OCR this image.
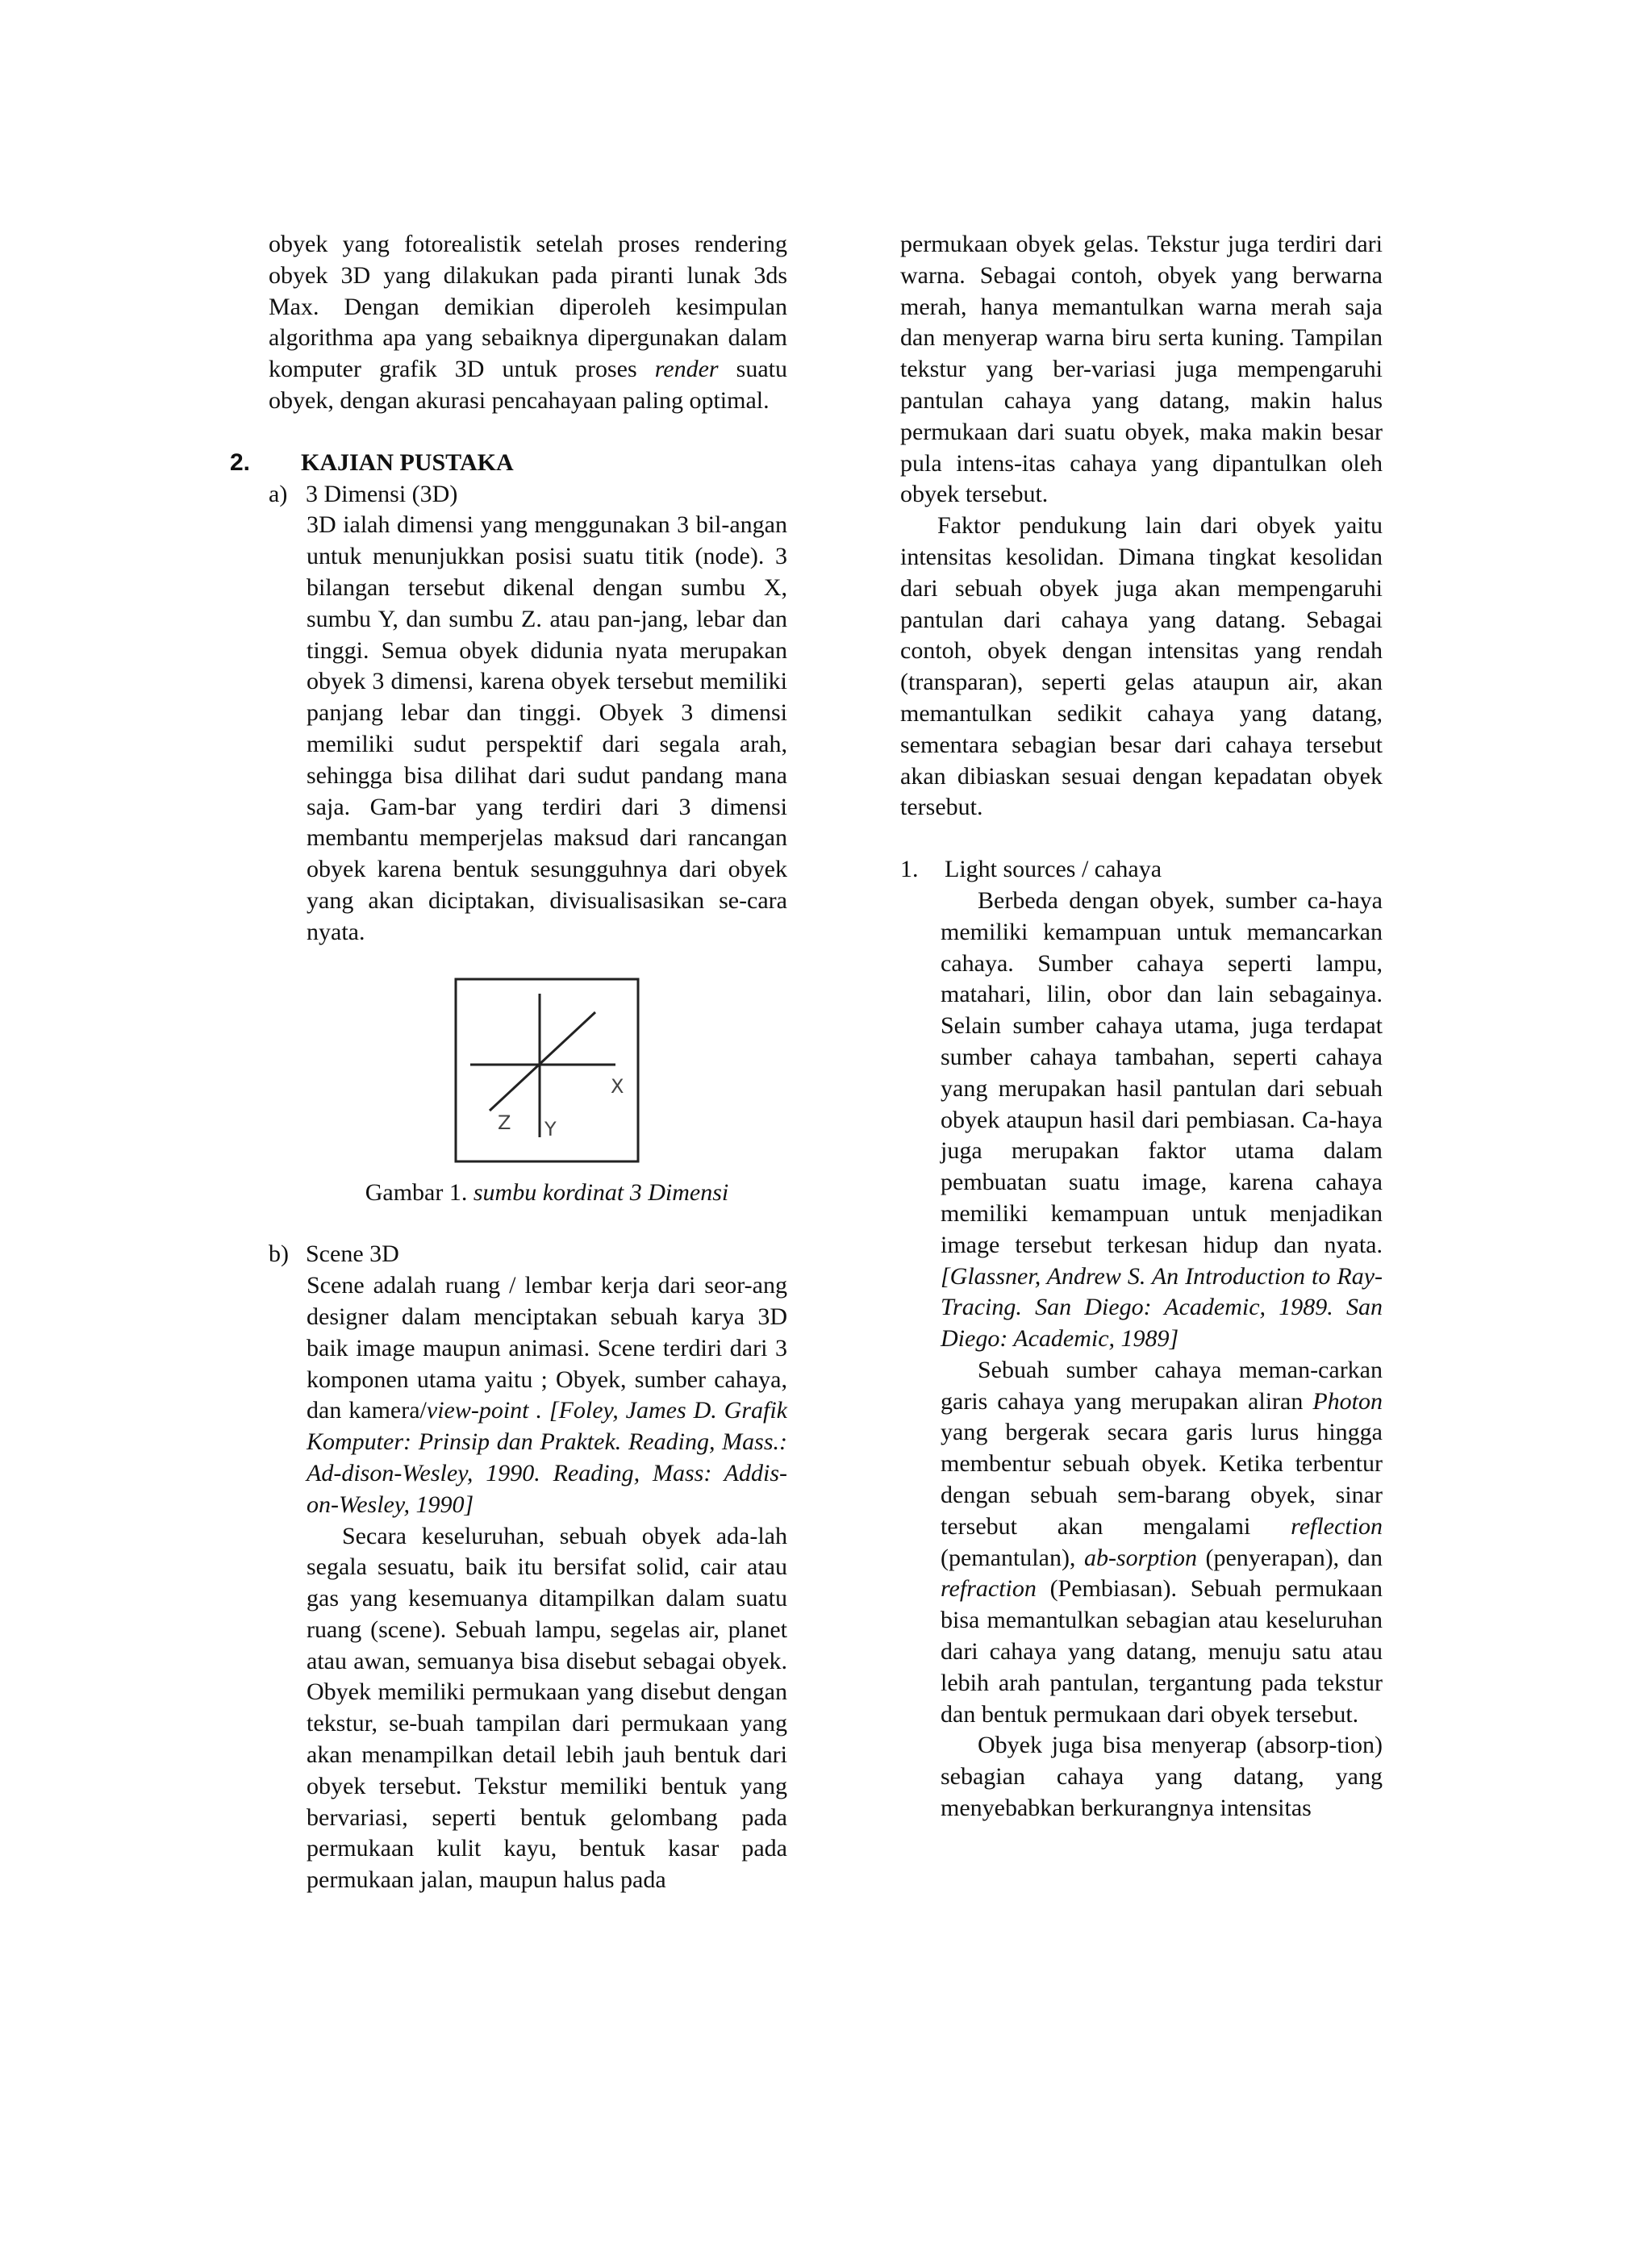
obyek yang fotorealistik setelah proses rendering obyek 3D yang dilakukan pada piranti lunak 3ds Max. Dengan demikian diperoleh kesimpulan algorithma apa yang sebaiknya dipergunakan dalam komputer grafik 3D untuk proses render suatu obyek, dengan akurasi pencahayaan paling optimal.

2. KAJIAN PUSTAKA
a) 3 Dimensi (3D)

3D ialah dimensi yang menggunakan 3 bil-angan untuk menunjukkan posisi suatu titik (node). 3 bilangan tersebut dikenal dengan sumbu X, sumbu Y, dan sumbu Z. atau pan-jang, lebar dan tinggi. Semua obyek didunia nyata merupakan obyek 3 dimensi, karena obyek tersebut memiliki panjang lebar dan tinggi. Obyek 3 dimensi memiliki sudut perspektif dari segala arah, sehingga bisa dilihat dari sudut pandang mana saja. Gam-bar yang terdiri dari 3 dimensi membantu memperjelas maksud dari rancangan obyek karena bentuk sesungguhnya dari obyek yang akan diciptakan, divisualisasikan se-cara nyata.

X
Y
Z
Gambar 1. sumbu kordinat 3 Dimensi
b) Scene 3D

Scene adalah ruang / lembar kerja dari seor-ang designer dalam menciptakan sebuah karya 3D baik image maupun animasi. Scene terdiri dari 3 komponen utama yaitu ; Obyek, sumber cahaya, dan kamera/view-point . [Foley, James D. Grafik Komputer: Prinsip dan Praktek. Reading, Mass.: Ad-dison-Wesley, 1990. Reading, Mass: Addis-on-Wesley, 1990]

Secara keseluruhan, sebuah obyek ada-lah segala sesuatu, baik itu bersifat solid, cair atau gas yang kesemuanya ditampilkan dalam suatu ruang (scene). Sebuah lampu, segelas air, planet atau awan, semuanya bisa disebut sebagai obyek. Obyek memiliki permukaan yang disebut dengan tekstur, se-buah tampilan dari permukaan yang akan menampilkan detail lebih jauh bentuk dari obyek tersebut. Tekstur memiliki bentuk yang bervariasi, seperti bentuk gelombang pada permukaan kulit kayu, bentuk kasar pada permukaan jalan, maupun halus pada

permukaan obyek gelas. Tekstur juga terdiri dari warna. Sebagai contoh, obyek yang berwarna merah, hanya memantulkan warna merah saja dan menyerap warna biru serta kuning. Tampilan tekstur yang ber-variasi juga mempengaruhi pantulan cahaya yang datang, makin halus permukaan dari suatu obyek, maka makin besar pula intens-itas cahaya yang dipantulkan oleh obyek tersebut.

Faktor pendukung lain dari obyek yaitu intensitas kesolidan. Dimana tingkat kesolidan dari sebuah obyek juga akan mempengaruhi pantulan dari cahaya yang datang. Sebagai contoh, obyek dengan intensitas yang rendah (transparan), seperti gelas ataupun air, akan memantulkan sedikit cahaya yang datang, sementara sebagian besar dari cahaya tersebut akan dibiaskan sesuai dengan kepadatan obyek tersebut.

1. Light sources / cahaya

Berbeda dengan obyek, sumber ca-haya memiliki kemampuan untuk memancarkan cahaya. Sumber cahaya seperti lampu, matahari, lilin, obor dan lain sebagainya. Selain sumber cahaya utama, juga terdapat sumber cahaya tambahan, seperti cahaya yang merupakan hasil pantulan dari sebuah obyek ataupun hasil dari pembiasan. Ca-haya juga merupakan faktor utama dalam pembuatan suatu image, karena cahaya memiliki kemampuan untuk menjadikan image tersebut terkesan hidup dan nyata. [Glassner, Andrew S. An Introduction to Ray-Tracing. San Diego: Academic, 1989. San Diego: Academic, 1989]

Sebuah sumber cahaya meman-carkan garis cahaya yang merupakan aliran Photon yang bergerak secara garis lurus hingga membentur sebuah obyek. Ketika terbentur dengan sebuah sem-barang obyek, sinar tersebut akan mengalami reflection (pemantulan), ab-sorption (penyerapan), dan refraction (Pembiasan). Sebuah permukaan bisa memantulkan sebagian atau keseluruhan dari cahaya yang datang, menuju satu atau lebih arah pantulan, tergantung pada tekstur dan bentuk permukaan dari obyek tersebut.

Obyek juga bisa menyerap (absorp-tion) sebagian cahaya yang datang, yang menyebabkan berkurangnya intensitas
